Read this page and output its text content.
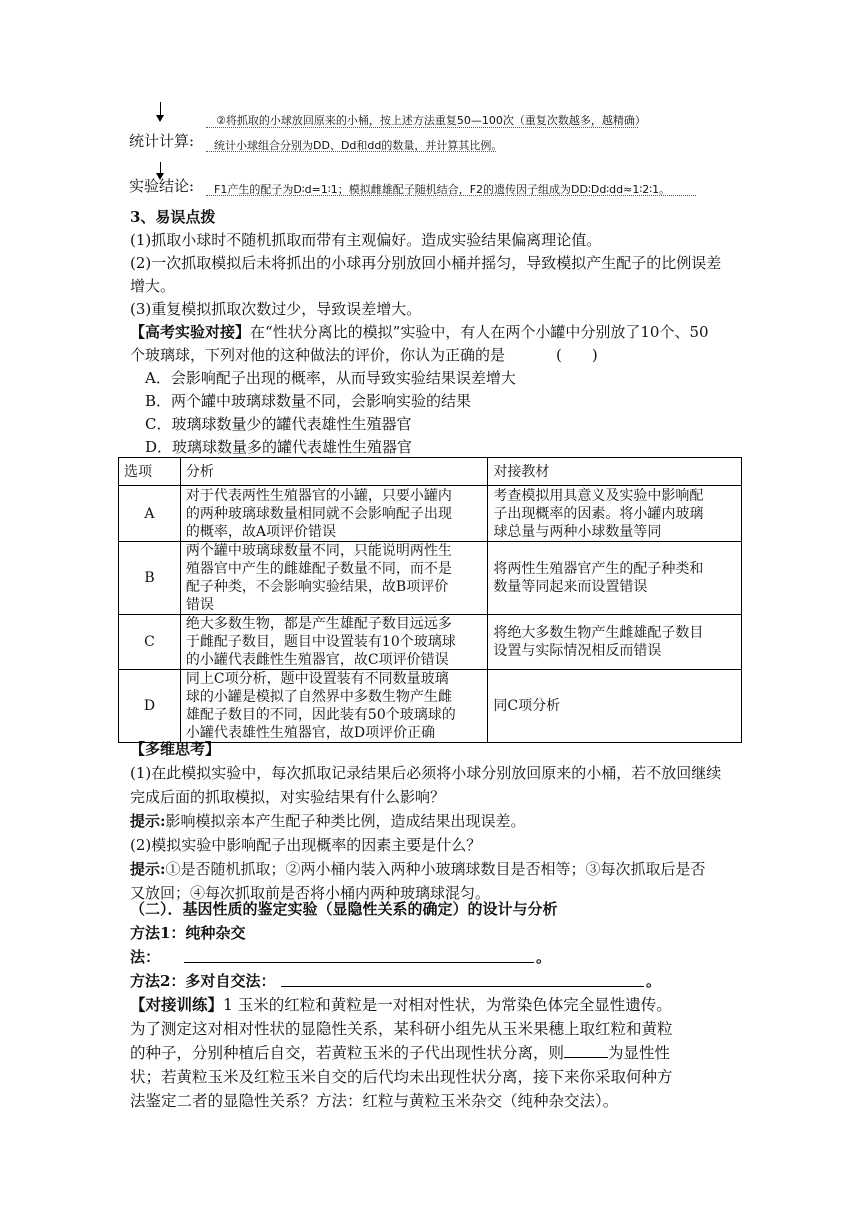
②将抓取的小球放回原来的小桶，按上述方法重复50—100次（重复次数越多，越精确）
统计计算: 统计小球组合分别为DD、Dd和dd的数量，并计算其比例。
实验结论: F1产生的配子为D∶d=1∶1；模拟雌雄配子随机结合，F2的遗传因子组成为DD∶Dd∶dd≈1∶2∶1。
3、易误点拨
(1)抓取小球时不随机抓取而带有主观偏好。造成实验结果偏离理论值。
(2)一次抓取模拟后未将抓出的小球再分别放回小桶并摇匀，导致模拟产生配子的比例误差
增大。
(3)重复模拟抓取次数过少，导致误差增大。
【高考实验对接】在“性状分离比的模拟”实验中，有人在两个小罐中分别放了10个、50
个玻璃球，下列对他的这种做法的评价，你认为正确的是	(　　)
A．会影响配子出现的概率，从而导致实验结果误差增大
B．两个罐中玻璃球数量不同，会影响实验的结果
C．玻璃球数量少的罐代表雄性生殖器官
D．玻璃球数量多的罐代表雄性生殖器官
选项	分析	对接教材
A	对于代表两性生殖器官的小罐，只要小罐内
的两种玻璃球数量相同就不会影响配子出现
的概率，故A项评价错误	考查模拟用具意义及实验中影响配
子出现概率的因素。将小罐内玻璃
球总量与两种小球数量等同
B	两个罐中玻璃球数量不同，只能说明两性生
殖器官中产生的雌雄配子数量不同，而不是
配子种类，不会影响实验结果，故B项评价
错误	将两性生殖器官产生的配子种类和
数量等同起来而设置错误
C	绝大多数生物，都是产生雄配子数目远远多
于雌配子数目，题目中设置装有10个玻璃球
的小罐代表雌性生殖器官，故C项评价错误	将绝大多数生物产生雌雄配子数目
设置与实际情况相反而错误
D	同上C项分析，题中设置装有不同数量玻璃
球的小罐是模拟了自然界中多数生物产生雌
雄配子数目的不同，因此装有50个玻璃球的
小罐代表雄性生殖器官，故D项评价正确	同C项分析
【多维思考】
(1)在此模拟实验中，每次抓取记录结果后必须将小球分别放回原来的小桶，若不放回继续
完成后面的抓取模拟，对实验结果有什么影响？
提示:影响模拟亲本产生配子种类比例，造成结果出现误差。
(2)模拟实验中影响配子出现概率的因素主要是什么？
提示:①是否随机抓取；②两小桶内装入两种小玻璃球数目是否相等；③每次抓取后是否
又放回；④每次抓取前是否将小桶内两种玻璃球混匀。
（二）．基因性质的鉴定实验（显隐性关系的确定）的设计与分析
方法1：纯种杂交
法：	。
方法2：多对自交法：	。
【对接训练】1 玉米的红粒和黄粒是一对相对性状，为常染色体完全显性遗传。
为了测定这对相对性状的显隐性关系，某科研小组先从玉米果穗上取红粒和黄粒
的种子，分别种植后自交，若黄粒玉米的子代出现性状分离，则	为显性性
状；若黄粒玉米及红粒玉米自交的后代均未出现性状分离，接下来你采取何种方
法鉴定二者的显隐性关系？方法：红粒与黄粒玉米杂交（纯种杂交法）。
